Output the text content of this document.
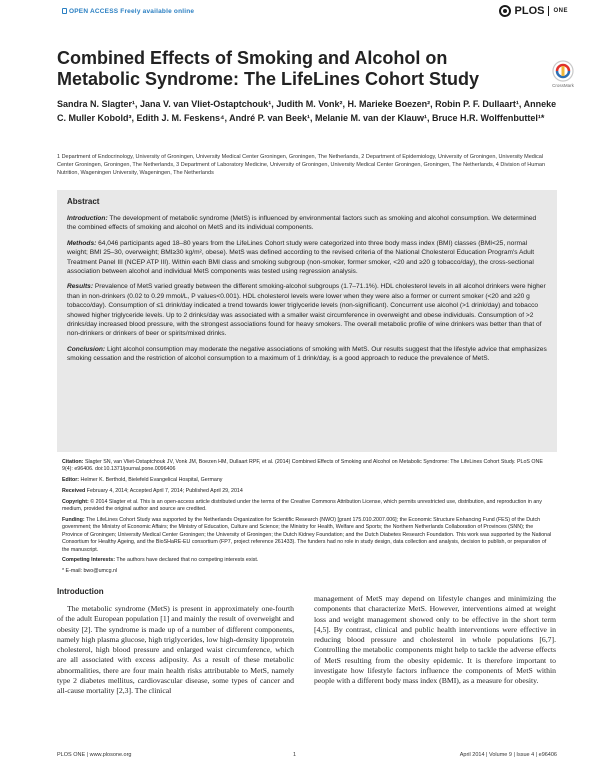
OPEN ACCESS Freely available online	PLOS ONE
Combined Effects of Smoking and Alcohol on Metabolic Syndrome: The LifeLines Cohort Study	CrossMark
Sandra N. Slagter¹, Jana V. van Vliet-Ostaptchouk¹, Judith M. Vonk², H. Marieke Boezen², Robin P. F. Dullaart¹, Anneke C. Muller Kobold³, Edith J. M. Feskens⁴, André P. van Beek¹, Melanie M. van der Klauw¹, Bruce H.R. Wolffenbuttel¹*
1 Department of Endocrinology, University of Groningen, University Medical Center Groningen, Groningen, The Netherlands, 2 Department of Epidemiology, University of Groningen, University Medical Center Groningen, Groningen, The Netherlands, 3 Department of Laboratory Medicine, University of Groningen, University Medical Center Groningen, Groningen, The Netherlands, 4 Division of Human Nutrition, Wageningen University, Wageningen, The Netherlands
Abstract

Introduction: The development of metabolic syndrome (MetS) is influenced by environmental factors such as smoking and alcohol consumption. We determined the combined effects of smoking and alcohol on MetS and its individual components.

Methods: 64,046 participants aged 18–80 years from the LifeLines Cohort study were categorized into three body mass index (BMI) classes (BMI<25, normal weight; BMI 25–30, overweight; BMI≥30 kg/m², obese). MetS was defined according to the revised criteria of the National Cholesterol Education Program's Adult Treatment Panel III (NCEP ATP III). Within each BMI class and smoking subgroup (non-smoker, former smoker, <20 and ≥20 g tobacco/day), the cross-sectional association between alcohol and individual MetS components was tested using regression analysis.

Results: Prevalence of MetS varied greatly between the different smoking-alcohol subgroups (1.7–71.1%). HDL cholesterol levels in all alcohol drinkers were higher than in non-drinkers (0.02 to 0.29 mmol/L, P values<0.001). HDL cholesterol levels were lower when they were also a former or current smoker (<20 and ≥20 g tobacco/day). Consumption of ≤1 drink/day indicated a trend towards lower triglyceride levels (non-significant). Concurrent use alcohol (>1 drink/day) and tobacco showed higher triglyceride levels. Up to 2 drinks/day was associated with a smaller waist circumference in overweight and obese individuals. Consumption of >2 drinks/day increased blood pressure, with the strongest associations found for heavy smokers. The overall metabolic profile of wine drinkers was better than that of non-drinkers or drinkers of beer or spirits/mixed drinks.

Conclusion: Light alcohol consumption may moderate the negative associations of smoking with MetS. Our results suggest that the lifestyle advice that emphasizes smoking cessation and the restriction of alcohol consumption to a maximum of 1 drink/day, is a good approach to reduce the prevalence of MetS.

Citation: Slagter SN, van Vliet-Ostaptchouk JV, Vonk JM, Boezen HM, Dullaart RPF, et al. (2014) Combined Effects of Smoking and Alcohol on Metabolic Syndrome: The LifeLines Cohort Study. PLoS ONE 9(4): e96406. doi:10.1371/journal.pone.0096406

Editor: Helmer K. Berthold, Bielefeld Evangelical Hospital, Germany

Received February 4, 2014; Accepted April 7, 2014; Published April 29, 2014

Copyright: © 2014 Slagter et al. This is an open-access article distributed under the terms of the Creative Commons Attribution License, which permits unrestricted use, distribution, and reproduction in any medium, provided the original author and source are credited.

Funding: The LifeLines Cohort Study was supported by the Netherlands Organization for Scientific Research (NWO) [grant 175.010.2007.006]; the Economic Structure Enhancing Fund (FES) of the Dutch government; the Ministry of Economic Affairs; the Ministry of Education, Culture and Science; the Ministry for Health, Welfare and Sports; the Northern Netherlands Collaboration of Provinces (SNN); the Province of Groningen; University Medical Center Groningen; the University of Groningen; the Dutch Kidney Foundation; and the Dutch Diabetes Research Foundation. This work was supported by the National Consortium for Healthy Ageing, and the BioSHaRE-EU consortium (FP7, project reference 261433). The funders had no role in study design, data collection and analysis, decision to publish, or preparation of the manuscript.

Competing Interests: The authors have declared that no competing interests exist.

* E-mail: bwo@umcg.nl

Introduction

The metabolic syndrome (MetS) is present in approximately one-fourth of the adult European population [1] and mainly the result of overweight and obesity [2]. The syndrome is made up of a number of different components, namely high plasma glucose, high triglycerides, low high-density lipoprotein cholesterol, high blood pressure and enlarged waist circumference, which are all associated with excess adiposity. As a result of these metabolic abnormalities, there are four main health risks attributable to MetS, namely type 2 diabetes mellitus, cardiovascular disease, some types of cancer and all-cause mortality [2,3]. The clinical

management of MetS may depend on lifestyle changes and minimizing the components that characterize MetS. However, interventions aimed at weight loss and weight management showed only to be effective in the short term [4,5]. By contrast, clinical and public health interventions were effective in reducing blood pressure and cholesterol in whole populations [6,7]. Controlling the metabolic components might help to tackle the adverse effects of MetS resulting from the obesity epidemic. It is therefore important to investigate how lifestyle factors influence the components of MetS within people with a different body mass index (BMI), as a measure for obesity.

PLOS ONE | www.plosone.org	1	April 2014 | Volume 9 | Issue 4 | e96406
